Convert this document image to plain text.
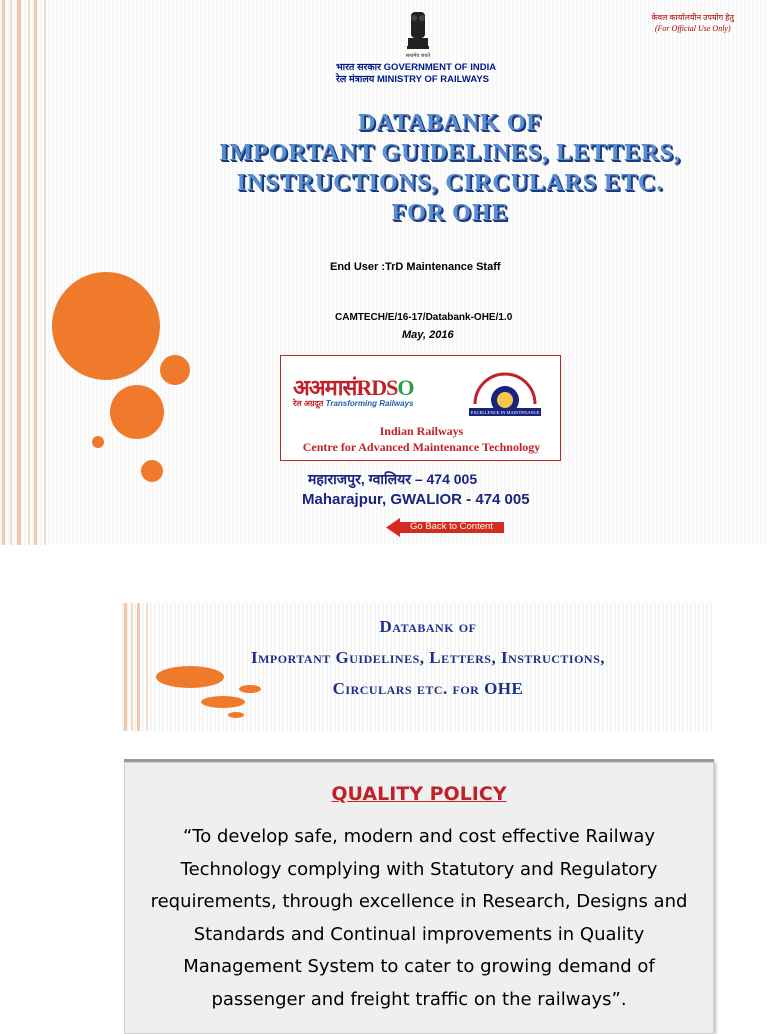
केवल कार्यालयीन उपयोग हेतु
(For Official Use Only)
सत्यमेव जयते
भारत सरकार GOVERNMENT OF INDIA
रेल मंत्रालय MINISTRY OF RAILWAYS
DATABANK OF
IMPORTANT GUIDELINES, LETTERS,
INSTRUCTIONS, CIRCULARS ETC.
FOR OHE
End User :TrD Maintenance Staff
CAMTECH/E/16-17/Databank-OHE/1.0
May, 2016
अअमासंRDSO
रेल अग्रदूत Transforming Railways
EXCELLENCE IN MAINTENANCE
Indian Railways
Centre for Advanced Maintenance Technology
महाराजपुर, ग्वालियर – 474 005
Maharajpur, GWALIOR - 474 005
Go Back to Content
Databank of
Important Guidelines, Letters, Instructions,
Circulars etc. for OHE
QUALITY POLICY
“To develop safe, modern and cost effective Railway
Technology complying with Statutory and Regulatory
requirements, through excellence in Research, Designs and
Standards and Continual improvements in Quality
Management System to cater to growing demand of
passenger and freight traffic on the railways”.
